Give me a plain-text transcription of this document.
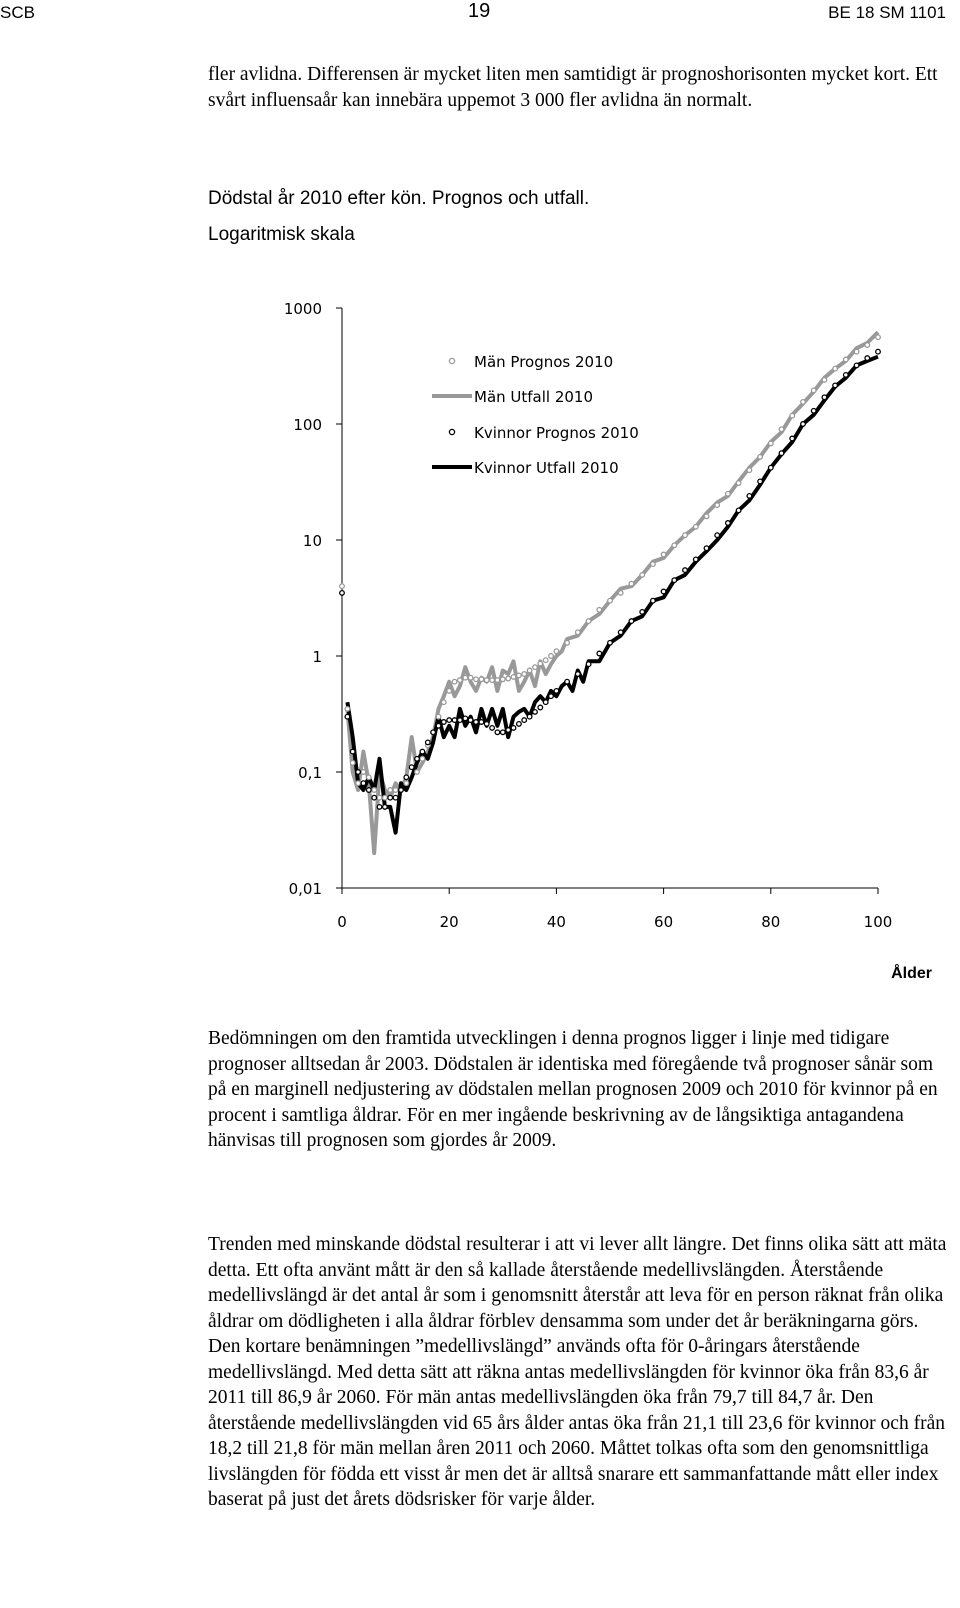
SCB	19	BE 18 SM 1101

fler avlidna. Differensen är mycket liten men samtidigt är prognoshorisonten mycket kort. Ett svårt influensaår kan innebära uppemot 3 000 fler avlidna än normalt.

Dödstal år 2010 efter kön. Prognos och utfall.
Logaritmisk skala
1000
100
10
1
0,1
0,01
0	20	40	60	80	100
Ålder
Män Prognos 2010
Män Utfall 2010
Kvinnor Prognos 2010
Kvinnor Utfall 2010

Bedömningen om den framtida utvecklingen i denna prognos ligger i linje med tidigare prognoser alltsedan år 2003. Dödstalen är identiska med föregående två prognoser sånär som på en marginell nedjustering av dödstalen mellan prognosen 2009 och 2010 för kvinnor på en procent i samtliga åldrar. För en mer ingående beskrivning av de långsiktiga antagandena hänvisas till prognosen som gjordes år 2009.

Trenden med minskande dödstal resulterar i att vi lever allt längre. Det finns olika sätt att mäta detta. Ett ofta använt mått är den så kallade återstående medellivslängden. Återstående medellivslängd är det antal år som i genomsnitt återstår att leva för en person räknat från olika åldrar om dödligheten i alla åldrar förblev densamma som under det år beräkningarna görs. Den kortare benämningen ”medellivslängd” används ofta för 0-åringars återstående medellivslängd. Med detta sätt att räkna antas medellivslängden för kvinnor öka från 83,6 år 2011 till 86,9 år 2060. För män antas medellivslängden öka från 79,7 till 84,7 år. Den återstående medellivslängden vid 65 års ålder antas öka från 21,1 till 23,6 för kvinnor och från 18,2 till 21,8 för män mellan åren 2011 och 2060. Måttet tolkas ofta som den genomsnittliga livslängden för födda ett visst år men det är alltså snarare ett sammanfattande mått eller index baserat på just det årets dödsrisker för varje ålder.
